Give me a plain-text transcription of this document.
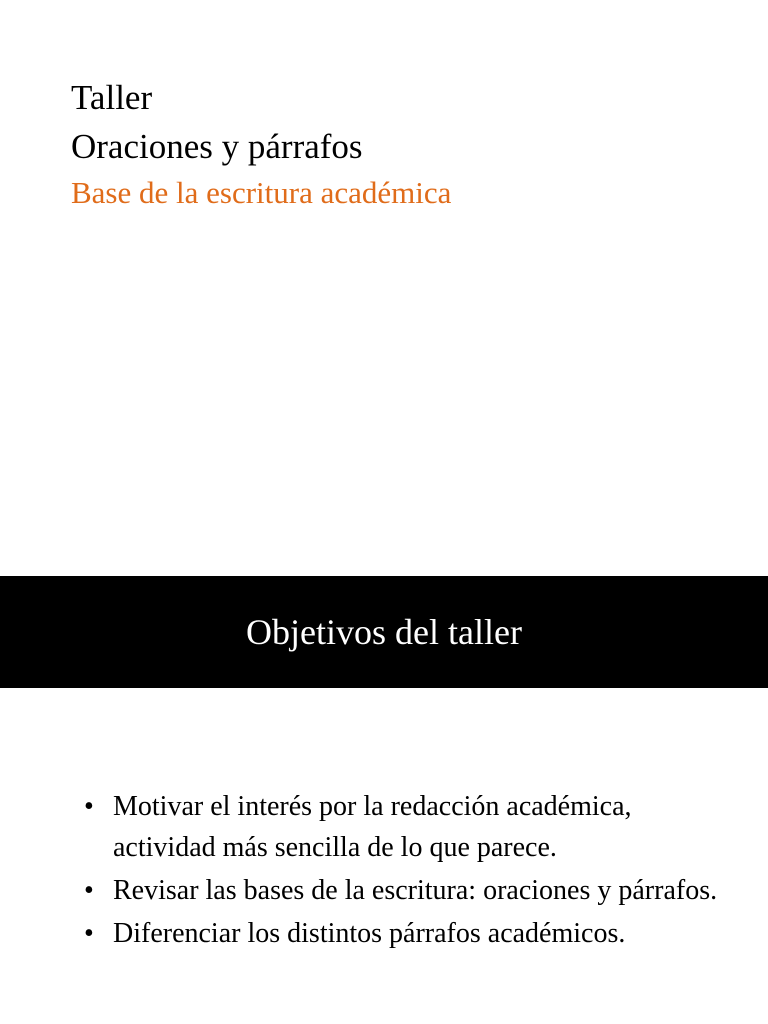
Taller
Oraciones y párrafos

Base de la escritura académica

Objetivos del taller
• Motivar el interés por la redacción académica, actividad más sencilla de lo que parece.
• Revisar las bases de la escritura: oraciones y párrafos.
• Diferenciar los distintos párrafos académicos.
